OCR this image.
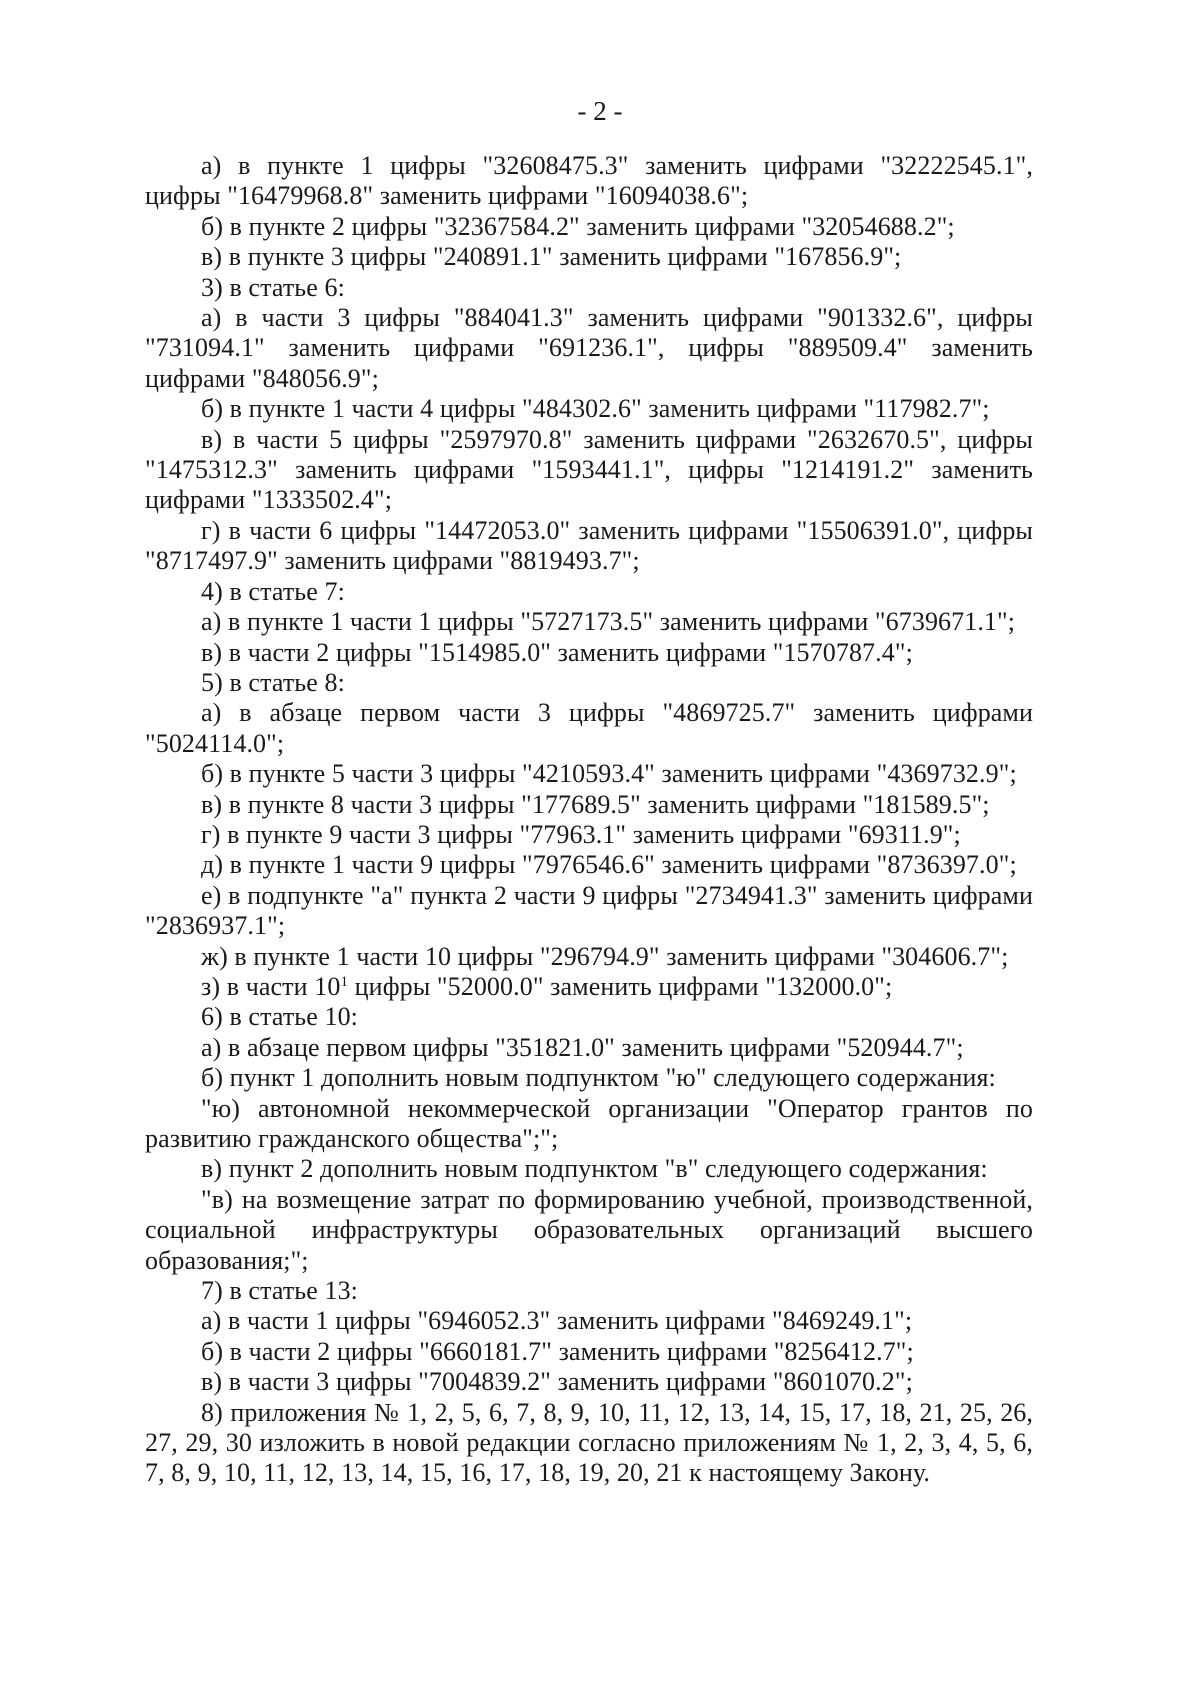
- 2 -

а) в пункте 1 цифры "32608475.3" заменить цифрами "32222545.1", цифры "16479968.8" заменить цифрами "16094038.6";

б) в пункте 2 цифры "32367584.2" заменить цифрами "32054688.2";

в) в пункте 3 цифры "240891.1" заменить цифрами "167856.9";

3) в статье 6:

а) в части 3 цифры "884041.3" заменить цифрами "901332.6", цифры "731094.1" заменить цифрами "691236.1", цифры "889509.4" заменить цифрами "848056.9";

б) в пункте 1 части 4 цифры "484302.6" заменить цифрами "117982.7";

в) в части 5 цифры "2597970.8" заменить цифрами "2632670.5", цифры "1475312.3" заменить цифрами "1593441.1", цифры "1214191.2" заменить цифрами "1333502.4";

г) в части 6 цифры "14472053.0" заменить цифрами "15506391.0", цифры "8717497.9" заменить цифрами "8819493.7";

4) в статье 7:

а) в пункте 1 части 1 цифры "5727173.5" заменить цифрами "6739671.1";

в) в части 2 цифры "1514985.0" заменить цифрами "1570787.4";

5) в статье 8:

а) в абзаце первом части 3 цифры "4869725.7" заменить цифрами "5024114.0";

б) в пункте 5 части 3 цифры "4210593.4" заменить цифрами "4369732.9";

в) в пункте 8 части 3 цифры "177689.5" заменить цифрами "181589.5";

г) в пункте 9 части 3 цифры "77963.1" заменить цифрами "69311.9";

д) в пункте 1 части 9 цифры "7976546.6" заменить цифрами "8736397.0";

е) в подпункте "а" пункта 2 части 9 цифры "2734941.3" заменить цифрами "2836937.1";

ж) в пункте 1 части 10 цифры "296794.9" заменить цифрами "304606.7";

з) в части $10^1$ цифры "52000.0" заменить цифрами "132000.0";

6) в статье 10:

а) в абзаце первом цифры "351821.0" заменить цифрами "520944.7";

б) пункт 1 дополнить новым подпунктом "ю" следующего содержания:

"ю) автономной некоммерческой организации "Оператор грантов по развитию гражданского общества";";

в) пункт 2 дополнить новым подпунктом "в" следующего содержания:

"в) на возмещение затрат по формированию учебной, производственной, социальной инфраструктуры образовательных организаций высшего образования;";

7) в статье 13:

а) в части 1 цифры "6946052.3" заменить цифрами "8469249.1";

б) в части 2 цифры "6660181.7" заменить цифрами "8256412.7";

в) в части 3 цифры "7004839.2" заменить цифрами "8601070.2";

8) приложения № 1, 2, 5, 6, 7, 8, 9, 10, 11, 12, 13, 14, 15, 17, 18, 21, 25, 26, 27, 29, 30 изложить в новой редакции согласно приложениям № 1, 2, 3, 4, 5, 6, 7, 8, 9, 10, 11, 12, 13, 14, 15, 16, 17, 18, 19, 20, 21 к настоящему Закону.
